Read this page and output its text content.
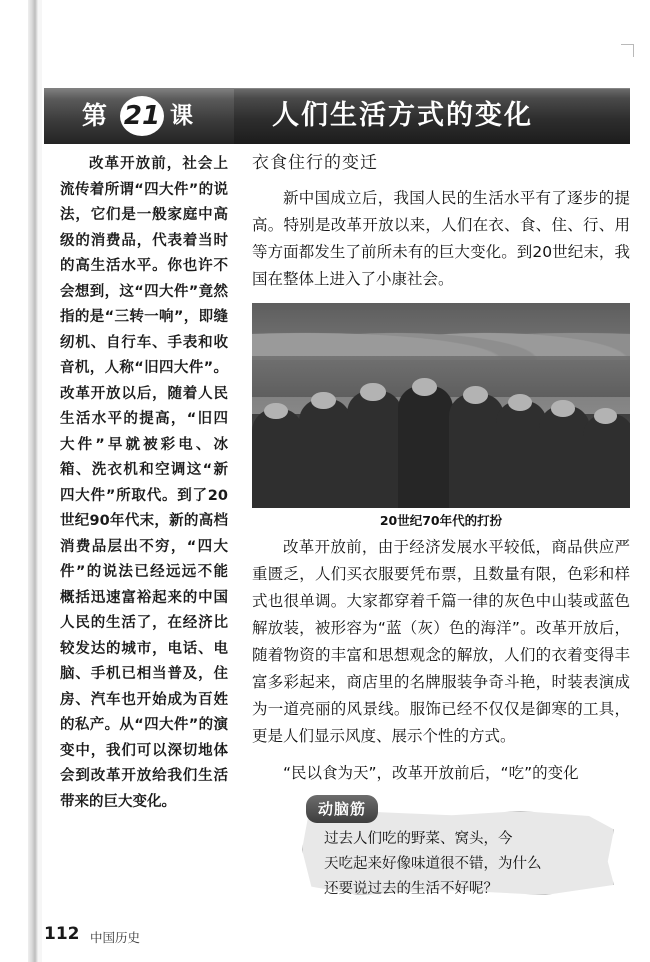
第 21 课	人们生活方式的变化

改革开放前，社会上流传着所谓“四大件”的说法，它们是一般家庭中高级的消费品，代表着当时的高生活水平。你也许不会想到，这“四大件”竟然指的是“三转一响”，即缝纫机、自行车、手表和收音机，人称“旧四大件”。改革开放以后，随着人民生活水平的提高，“旧四大件”早就被彩电、冰箱、洗衣机和空调这“新四大件”所取代。到了20世纪90年代末，新的高档消费品层出不穷，“四大件”的说法已经远远不能概括迅速富裕起来的中国人民的生活了，在经济比较发达的城市，电话、电脑、手机已相当普及，住房、汽车也开始成为百姓的私产。从“四大件”的演变中，我们可以深切地体会到改革开放给我们生活带来的巨大变化。

衣食住行的变迁

新中国成立后，我国人民的生活水平有了逐步的提高。特别是改革开放以来，人们在衣、食、住、行、用等方面都发生了前所未有的巨大变化。到20世纪末，我国在整体上进入了小康社会。

20世纪70年代的打扮

改革开放前，由于经济发展水平较低，商品供应严重匮乏，人们买衣服要凭布票，且数量有限，色彩和样式也很单调。大家都穿着千篇一律的灰色中山装或蓝色解放装，被形容为“蓝（灰）色的海洋”。改革开放后，随着物资的丰富和思想观念的解放，人们的衣着变得丰富多彩起来，商店里的名牌服装争奇斗艳，时装表演成为一道亮丽的风景线。服饰已经不仅仅是御寒的工具，更是人们显示风度、展示个性的方式。

“民以食为天”，改革开放前后，“吃”的变化

动脑筋
过去人们吃的野菜、窝头，今
天吃起来好像味道很不错，为什么
还要说过去的生活不好呢？
112 中国历史
